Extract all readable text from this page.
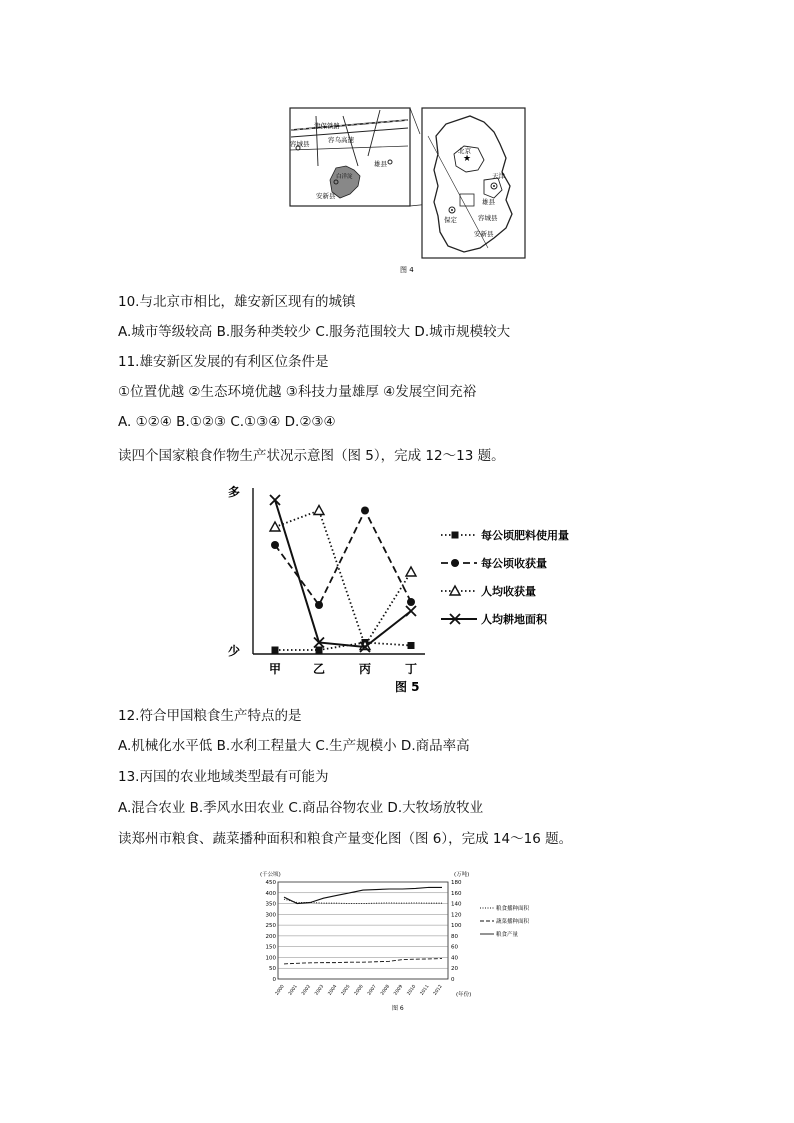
津保铁路
容乌高速
容城县
雄县
安新县
白洋淀
★
北京
天津
保定
雄县
容城县
安新县
图 4
10.与北京市相比，雄安新区现有的城镇
A.城市等级较高 B.服务种类较少 C.服务范围较大 D.城市规模较大
11.雄安新区发展的有利区位条件是
①位置优越 ②生态环境优越 ③科技力量雄厚 ④发展空间充裕
A. ①②④ B.①②③ C.①③④ D.②③④
读四个国家粮食作物生产状况示意图（图 5），完成 12～13 题。
多
少
甲	乙	丙	丁
每公顷肥料使用量
每公顷收获量
人均收获量
人均耕地面积
图 5
12.符合甲国粮食生产特点的是
A.机械化水平低 B.水利工程量大 C.生产规模小 D.商品率高
13.丙国的农业地域类型最有可能为
A.混合农业 B.季风水田农业 C.商品谷物农业 D.大牧场放牧业
读郑州市粮食、蔬菜播种面积和粮食产量变化图（图 6），完成 14～16 题。
(千公顷)	(万吨)
(年份)
0
50
100
150
200
250
300
350
400
450
0
20
40
60
80
100
120
140
160
180
2000 2001 2002 2003 2004 2005 2006 2007 2008 2009 2010 2011 2012
粮食播种面积
蔬菜播种面积
粮食产量
图 6
